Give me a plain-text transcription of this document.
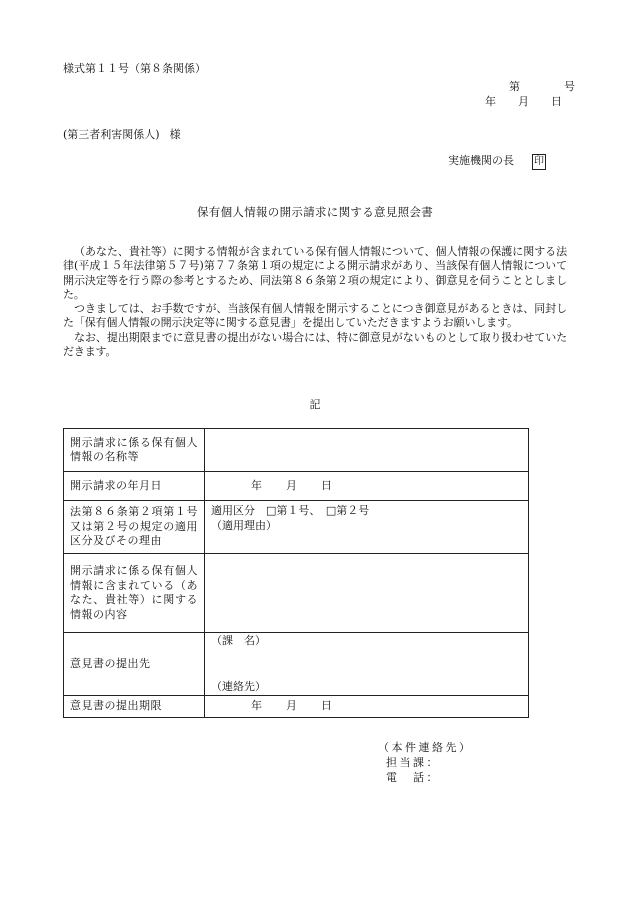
様式第１１号（第８条関係）
第	号
年 月 日
(第三者利害関係人) 様
実施機関の長 印
保有個人情報の開示請求に関する意見照会書

（あなた、貴社等）に関する情報が含まれている保有個人情報について、個人情報の保護に関する法律(平成１５年法律第５７号)第７７条第１項の規定による開示請求があり、当該保有個人情報について開示決定等を行う際の参考とするため、同法第８６条第２項の規定により、御意見を伺うこととしました。

つきましては、お手数ですが、当該保有個人情報を開示することにつき御意見があるときは、同封した「保有個人情報の開示決定等に関する意見書」を提出していただきますようお願いします。

なお、提出期限までに意見書の提出がない場合には、特に御意見がないものとして取り扱わせていただきます。

記
開示請求に係る保有個人情報の名称等	
開示請求の年月日	年 月 日
法第８６条第２項第１号又は第２号の規定の適用区分及びその理由	適用区分　□第１号、　□第２号
（適用理由）

開示請求に係る保有個人情報に含まれている（あなた、貴社等）に関する情報の内容	
意見書の提出先	（課　名）
（連絡先）

意見書の提出期限	年 月 日
（本件連絡先）
担当課：
電　話：
